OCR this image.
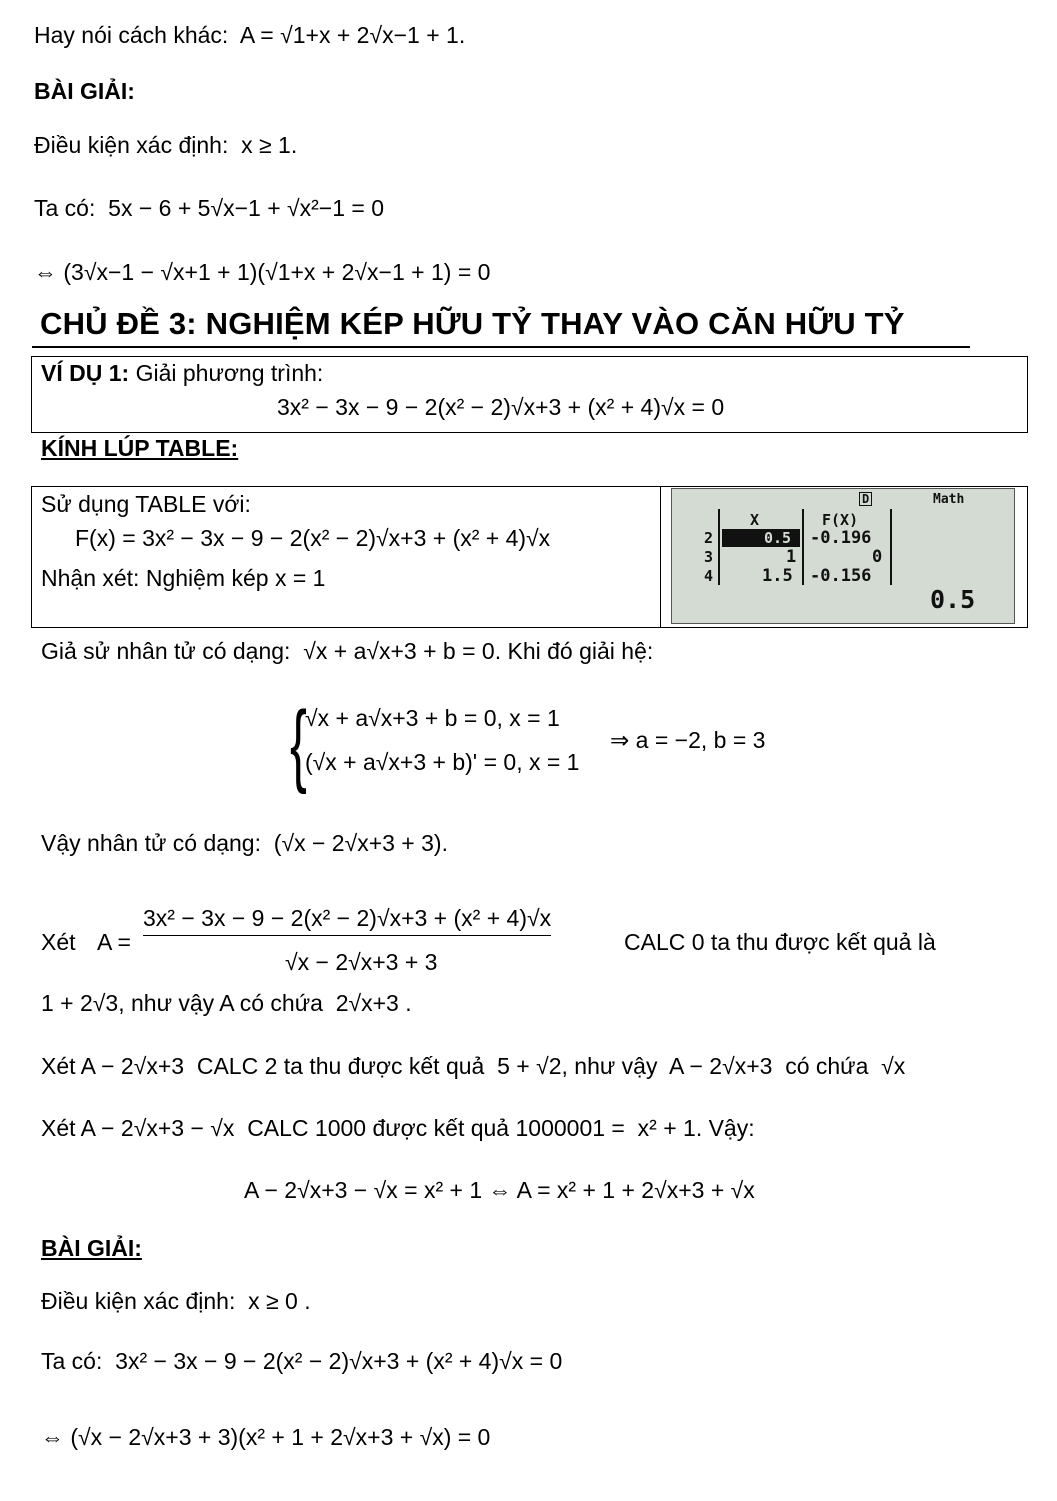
Hay nói cách khác: A = √1+x + 2√x−1 + 1.
BÀI GIẢI:
Điều kiện xác định: x ≥ 1.
Ta có: 5x − 6 + 5√x−1 + √x²−1 = 0
⇔ (3√x−1 − √x+1 + 1)(√1+x + 2√x−1 + 1) = 0
CHỦ ĐỀ 3: NGHIỆM KÉP HỮU TỶ THAY VÀO CĂN HỮU TỶ
VÍ DỤ 1: Giải phương trình:
3x² − 3x − 9 − 2(x² − 2)√x+3 + (x² + 4)√x = 0
KÍNH LÚP TABLE:
Sử dụng TABLE với:
F(x) = 3x² − 3x − 9 − 2(x² − 2)√x+3 + (x² + 4)√x
Nhận xét: Nghiệm kép x = 1
D	Math
X	F(X)
2	0.5 -0.196
3	1	0
4	1.5 -0.156
0.5
Giả sử nhân tử có dạng: √x + a√x+3 + b = 0. Khi đó giải hệ:
{
√x + a√x+3 + b = 0, x = 1
(√x + a√x+3 + b)' = 0, x = 1
⇒ a = −2, b = 3
Vậy nhân tử có dạng: (√x − 2√x+3 + 3).
Xét A =
3x² − 3x − 9 − 2(x² − 2)√x+3 + (x² + 4)√x
√x − 2√x+3 + 3
CALC 0 ta thu được kết quả là
1 + 2√3, như vậy A có chứa 2√x+3 .
Xét A − 2√x+3 CALC 2 ta thu được kết quả 5 + √2, như vậy A − 2√x+3 có chứa √x
Xét A − 2√x+3 − √x CALC 1000 được kết quả 1000001 = x² + 1. Vậy:
A − 2√x+3 − √x = x² + 1 ⇔ A = x² + 1 + 2√x+3 + √x
BÀI GIẢI:
Điều kiện xác định: x ≥ 0 .
Ta có: 3x² − 3x − 9 − 2(x² − 2)√x+3 + (x² + 4)√x = 0
⇔ (√x − 2√x+3 + 3)(x² + 1 + 2√x+3 + √x) = 0
